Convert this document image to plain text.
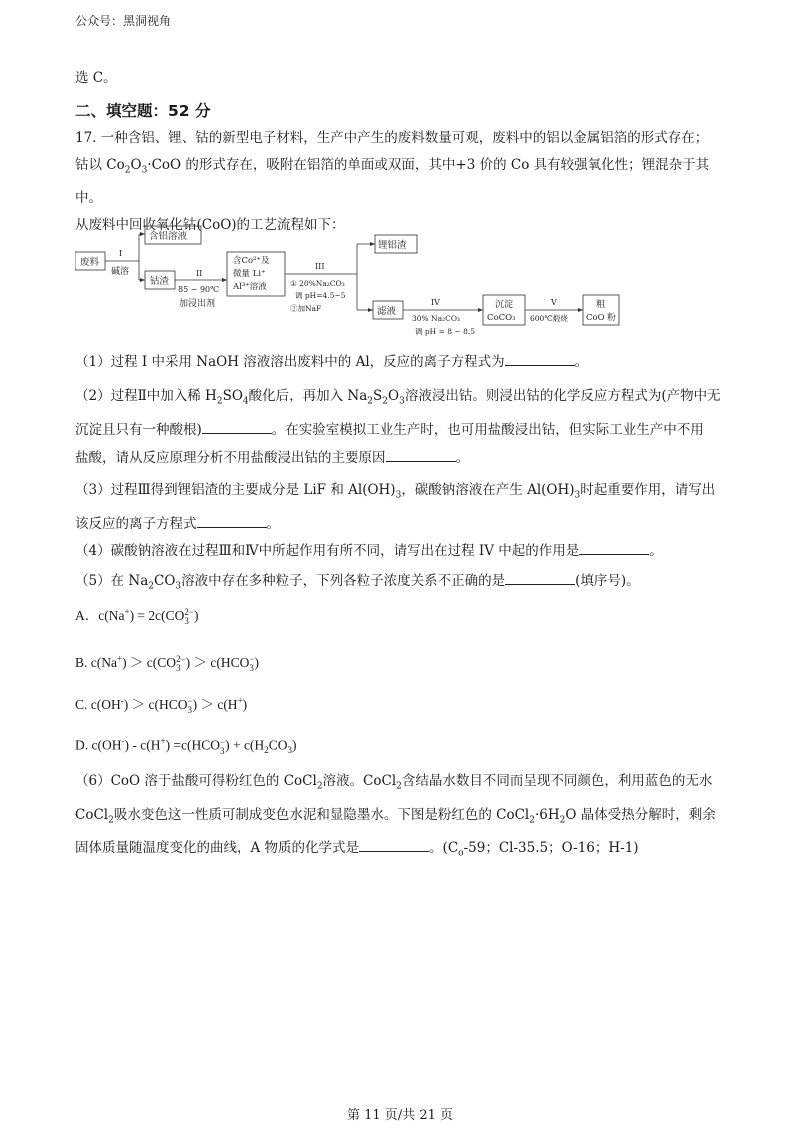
公众号：黑洞视角
选 C。
二、填空题：52 分
17. 一种含铝、锂、钴的新型电子材料，生产中产生的废料数量可观，废料中的铝以金属铝箔的形式存在；
钴以 $Co_2O_3\cdot CoO$ 的形式存在，吸附在铝箔的单面或双面，其中+3 价的 Co 具有较强氧化性；锂混杂于其中。
从废料中回收氧化钴(CoO)的工艺流程如下：
废料
I
碱溶
含铝溶液
钴渣
II
85 ~ 90℃
加浸出剂
含Co²⁺及
微量 Li⁺
Al³⁺溶液
III
① 20%Na₂CO₃
调 pH=4.5~5
②加NaF
锂铝渣
滤液
IV
30% Na₂CO₃
调 pH = 8 ~ 8.5
沉淀
CoCO₃
V
600℃煅烧
粗
CoO 粉
（1）过程 I 中采用 NaOH 溶液溶出废料中的 Al，反应的离子方程式为	。
（2）过程Ⅱ中加入稀 $H_2SO_4$酸化后，再加入 $Na_2S_2O_3$溶液浸出钴。则浸出钴的化学反应方程式为(产物中无
沉淀且只有一种酸根)	。在实验室模拟工业生产时，也可用盐酸浸出钴，但实际工业生产中不用
盐酸，请从反应原理分析不用盐酸浸出钴的主要原因	。
（3）过程Ⅲ得到锂铝渣的主要成分是 LiF 和 $Al(OH)_3$，碳酸钠溶液在产生 $Al(OH)_3$时起重要作用，请写出
该反应的离子方程式	。
（4）碳酸钠溶液在过程Ⅲ和Ⅳ中所起作用有所不同，请写出在过程 IV 中起的作用是	。
（5）在 $Na_2CO_3$溶液中存在多种粒子，下列各粒子浓度关系不正确的是	(填序号)。
A．c(Na+) = 2c(CO 2−
3 )
B. c(Na+) ＞ c(CO 2−
3 ) ＞ c(HCO −
3 )
C. c(OH-) ＞ c(HCO −
3 ) ＞ c(H+)
D. c(OH-) - c(H+) =c(HCO −
3 ) + $c(H_2CO_3)$
（6）CoO 溶于盐酸可得粉红色的 CoCl$_2$溶液。CoCl$_2$含结晶水数目不同而呈现不同颜色，利用蓝色的无水
CoCl$_2$吸水变色这一性质可制成变色水泥和显隐墨水。下图是粉红色的 $CoCl_2\cdot 6H_2O$ 晶体受热分解时，剩余
固体质量随温度变化的曲线，A 物质的化学式是	。($C_o-59$；Cl-35.5；O-16；H-1)
第 11 页/共 21 页
